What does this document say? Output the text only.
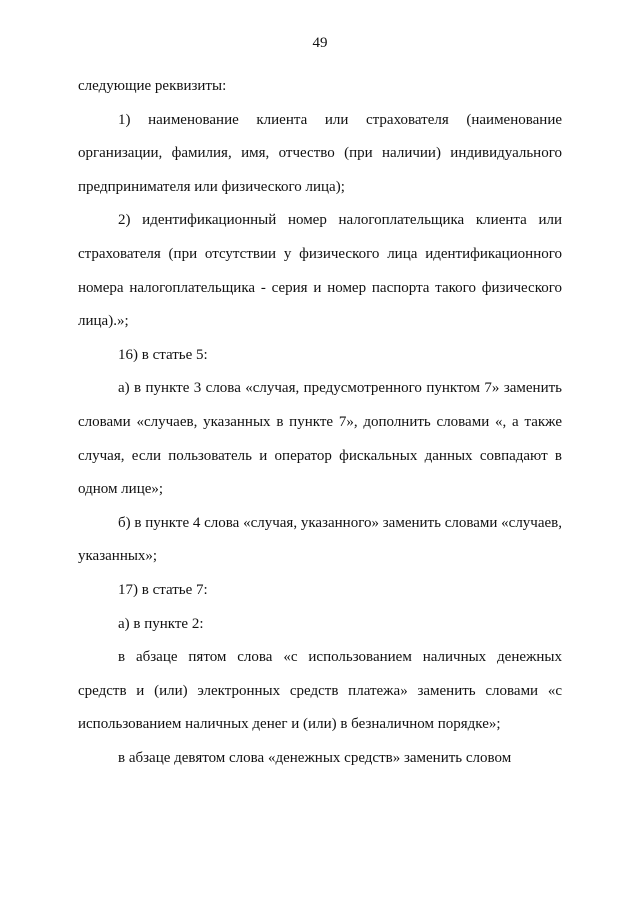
49

следующие реквизиты:

1) наименование клиента или страхователя (наименование организации, фамилия, имя, отчество (при наличии) индивидуального предпринимателя или физического лица);

2) идентификационный номер налогоплательщика клиента или страхователя (при отсутствии у физического лица идентификационного номера налогоплательщика - серия и номер паспорта такого физического лица).»;

16) в статье 5:

а) в пункте 3 слова «случая, предусмотренного пунктом 7» заменить словами «случаев, указанных в пункте 7», дополнить словами «, а также случая, если пользователь и оператор фискальных данных совпадают в одном лице»;

б) в пункте 4 слова «случая, указанного» заменить словами «случаев, указанных»;

17) в статье 7:

а) в пункте 2:

в абзаце пятом слова «с использованием наличных денежных средств и (или) электронных средств платежа» заменить словами «с использованием наличных денег и (или) в безналичном порядке»;

в абзаце девятом слова «денежных средств» заменить словом
